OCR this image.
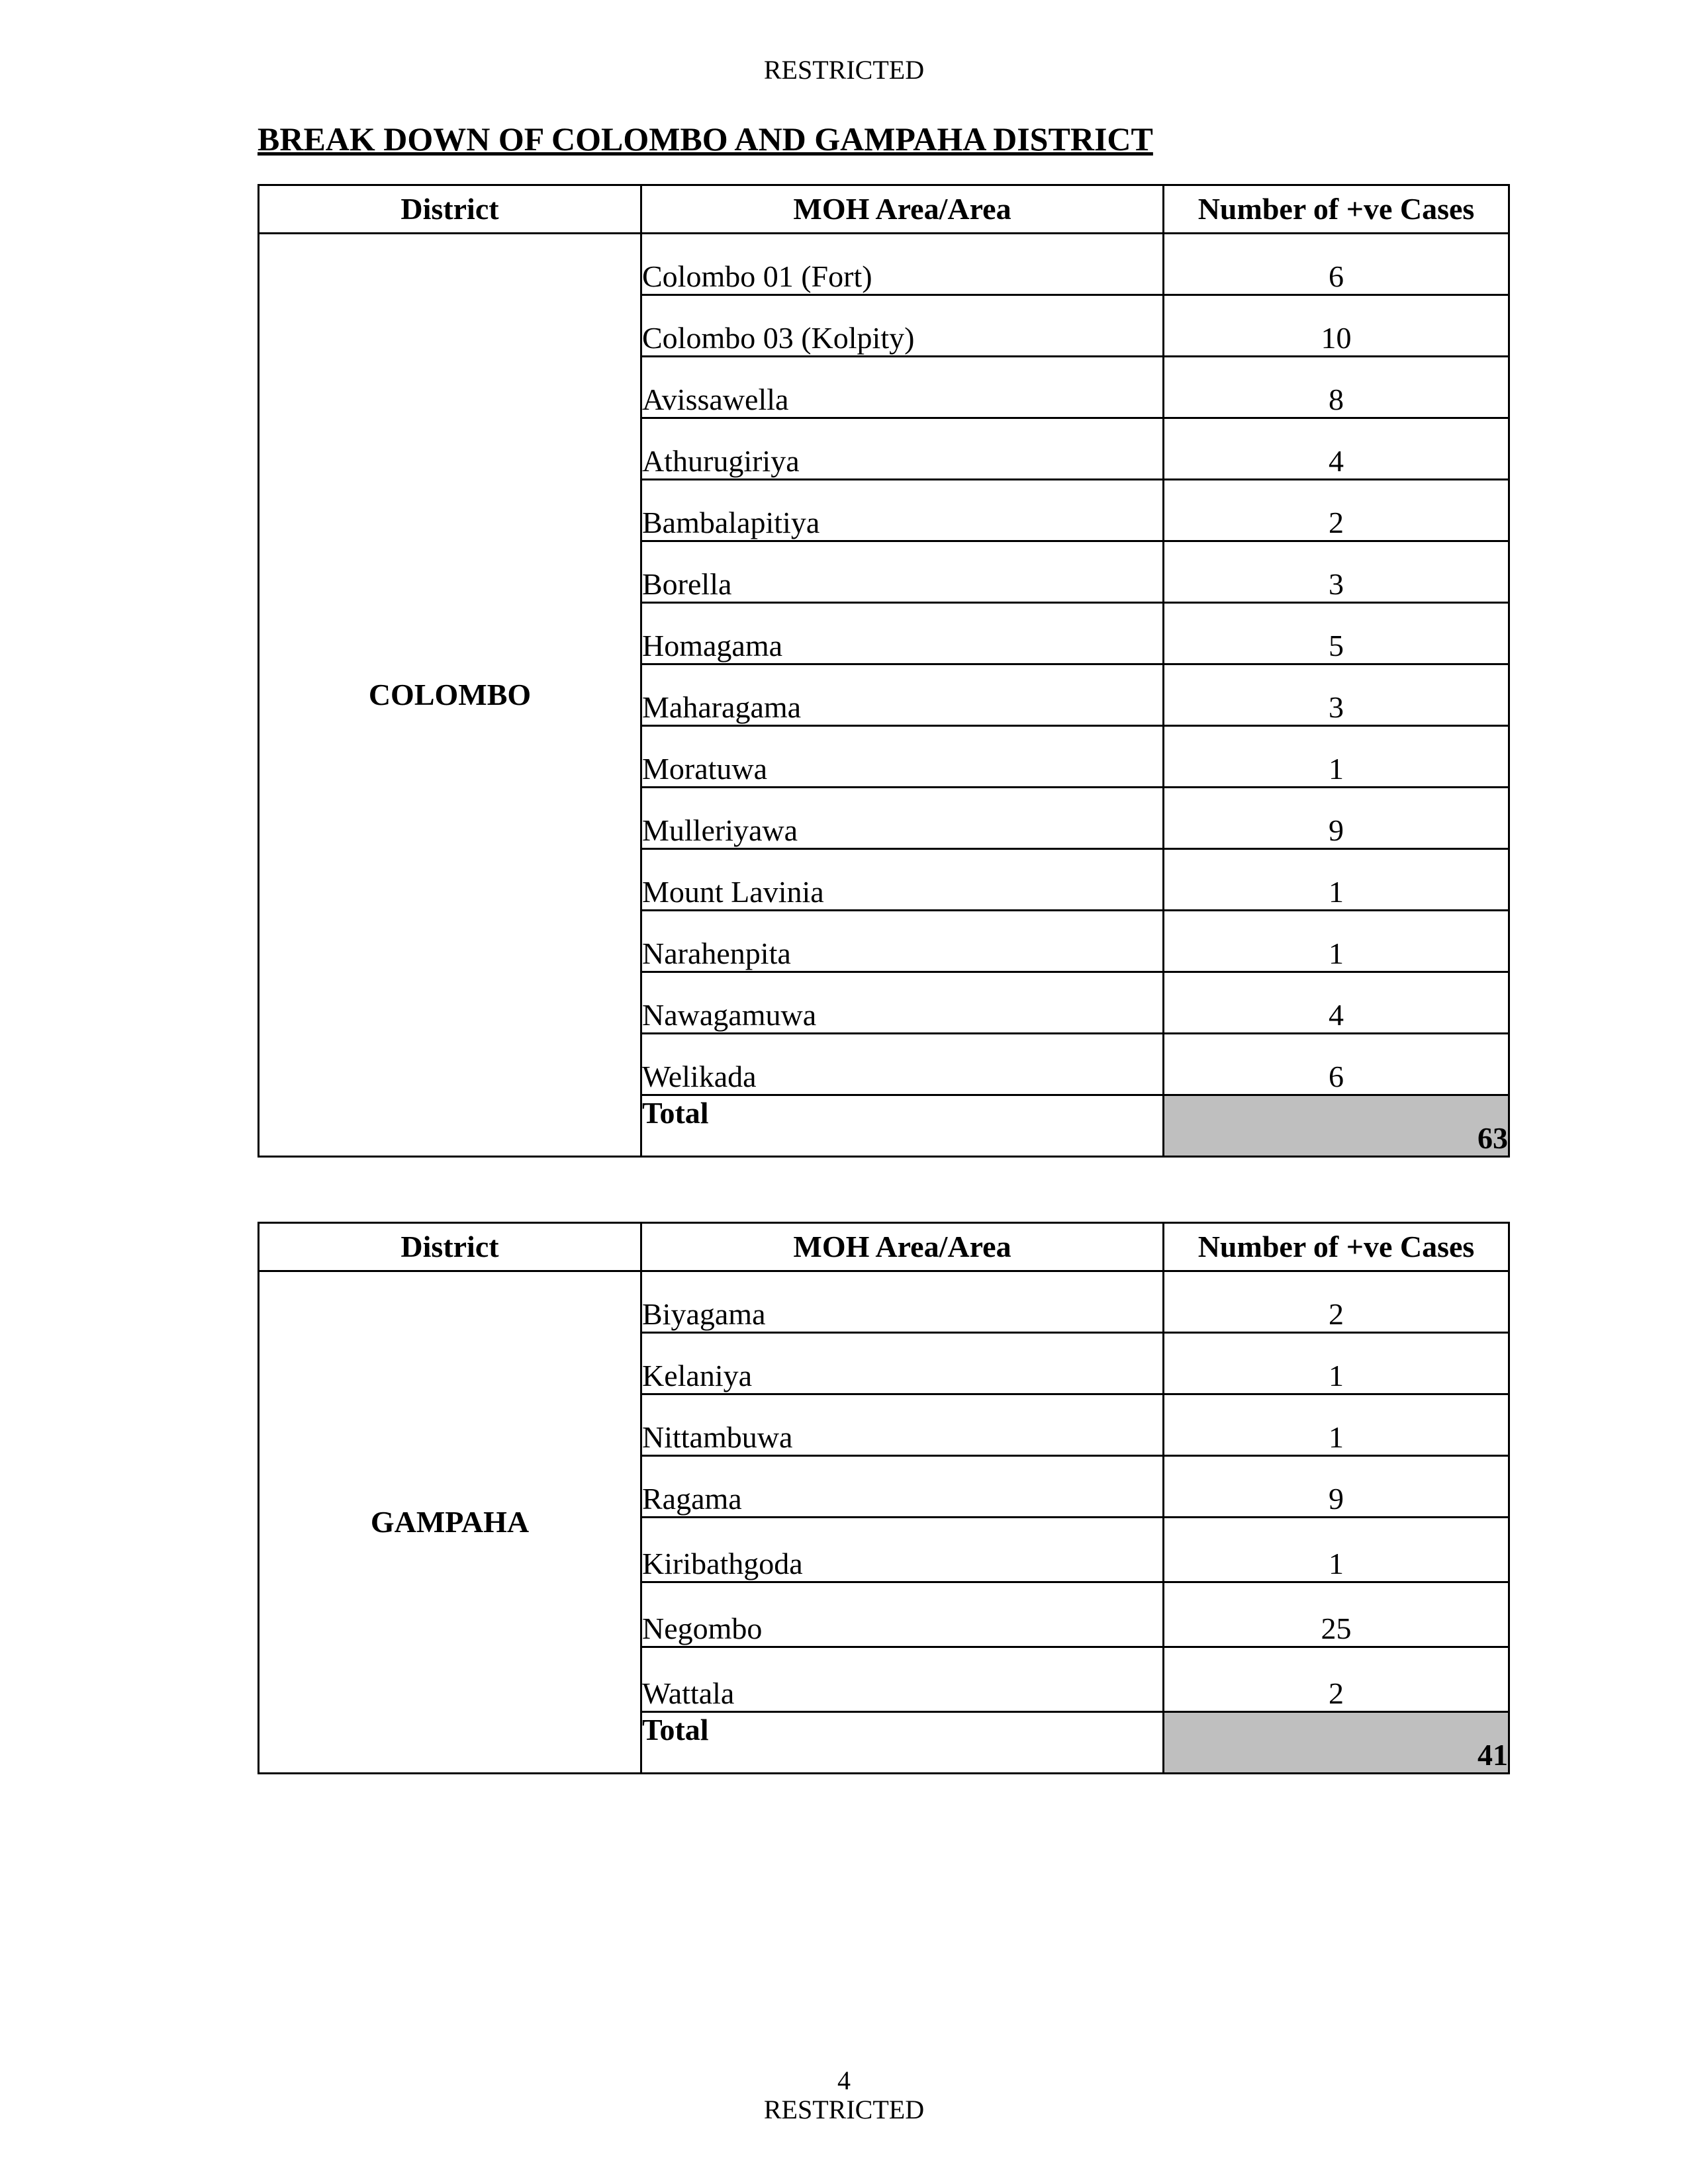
RESTRICTED
BREAK DOWN OF COLOMBO AND GAMPAHA DISTRICT
District	MOH Area/Area	Number of +ve Cases
COLOMBO	Colombo 01 (Fort)	6
	Colombo 03 (Kolpity)	10
	Avissawella	8
	Athurugiriya	4
	Bambalapitiya	2
	Borella	3
	Homagama	5
	Maharagama	3
	Moratuwa	1
	Mulleriyawa	9
	Mount Lavinia	1
	Narahenpita	1
	Nawagamuwa	4
	Welikada	6
	Total	63
District	MOH Area/Area	Number of +ve Cases
GAMPAHA	Biyagama	2
	Kelaniya	1
	Nittambuwa	1
	Ragama	9
	Kiribathgoda	1
	Negombo	25
	Wattala	2
	Total	41
4
RESTRICTED
